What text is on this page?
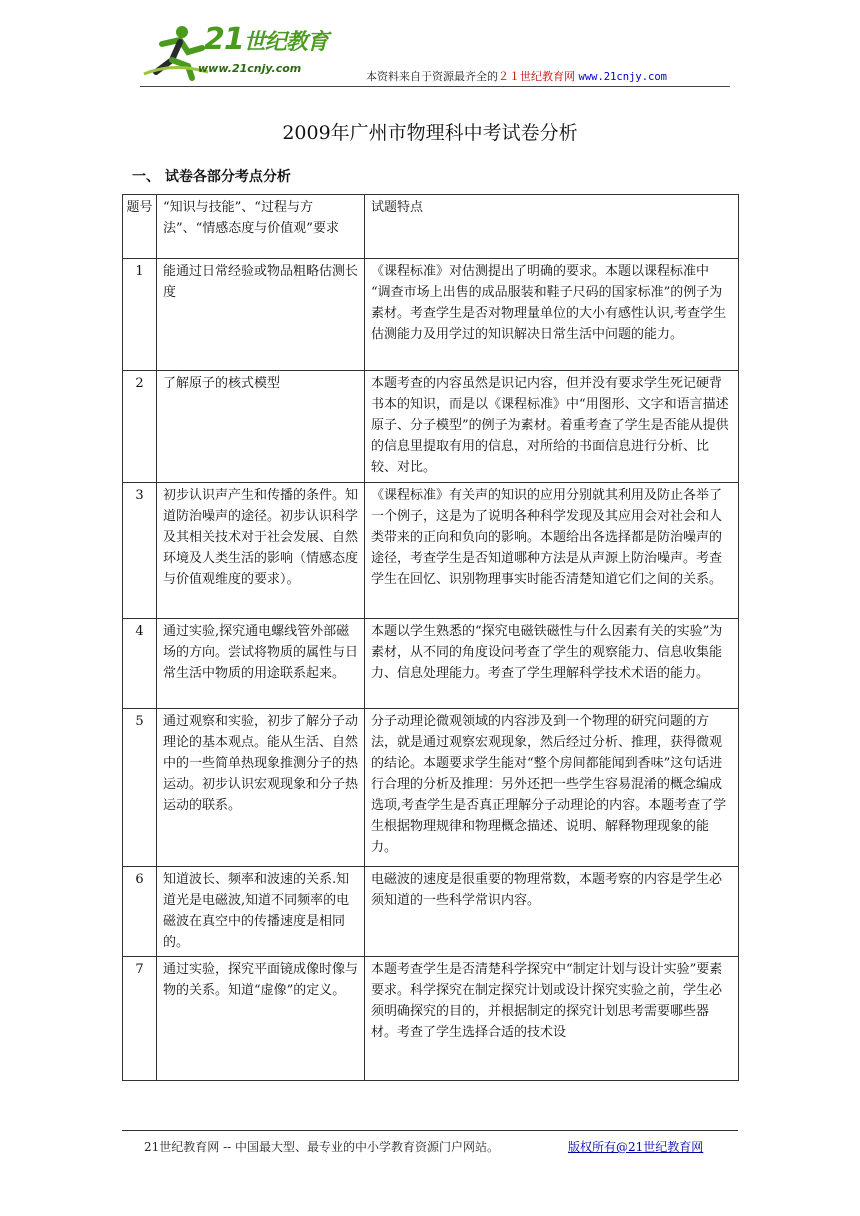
21世纪教育
www.21cnjy.com
本资料来自于资源最齐全的２１世纪教育网 www.21cnjy.com
2009年广州市物理科中考试卷分析
一、 试卷各部分考点分析
题号	“知识与技能”、“过程与方法”、“情感态度与价值观”要求	试题特点
1	能通过日常经验或物品粗略估测长度	《课程标准》对估测提出了明确的要求。本题以课程标准中 “调查市场上出售的成品服装和鞋子尺码的国家标准”的例子为素材。考查学生是否对物理量单位的大小有感性认识,考查学生估测能力及用学过的知识解决日常生活中问题的能力。
2	了解原子的核式模型	本题考查的内容虽然是识记内容，但并没有要求学生死记硬背书本的知识，而是以《课程标准》中“用图形、文字和语言描述原子、分子模型”的例子为素材。着重考查了学生是否能从提供的信息里提取有用的信息，对所给的书面信息进行分析、比较、对比。
3	初步认识声产生和传播的条件。知道防治噪声的途径。初步认识科学及其相关技术对于社会发展、自然环境及人类生活的影响（情感态度与价值观维度的要求）。	《课程标准》有关声的知识的应用分别就其利用及防止各举了一个例子，这是为了说明各种科学发现及其应用会对社会和人类带来的正向和负向的影响。本题给出各选择都是防治噪声的途径，考查学生是否知道哪种方法是从声源上防治噪声。考查学生在回忆、识别物理事实时能否清楚知道它们之间的关系。
4	通过实验,探究通电螺线管外部磁场的方向。尝试将物质的属性与日常生活中物质的用途联系起来。	本题以学生熟悉的“探究电磁铁磁性与什么因素有关的实验”为素材，从不同的角度设问考查了学生的观察能力、信息收集能力、信息处理能力。考查了学生理解科学技术术语的能力。
5	通过观察和实验，初步了解分子动理论的基本观点。能从生活、自然中的一些简单热现象推测分子的热运动。初步认识宏观现象和分子热运动的联系。	分子动理论微观领域的内容涉及到一个物理的研究问题的方法，就是通过观察宏观现象，然后经过分析、推理，获得微观的结论。本题要求学生能对“整个房间都能闻到香味”这句话进行合理的分析及推理：另外还把一些学生容易混淆的概念编成选项,考查学生是否真正理解分子动理论的内容。本题考查了学生根据物理规律和物理概念描述、说明、解释物理现象的能力。
6	知道波长、频率和波速的关系.知道光是电磁波,知道不同频率的电磁波在真空中的传播速度是相同的。	电磁波的速度是很重要的物理常数，本题考察的内容是学生必须知道的一些科学常识内容。
7	通过实验，探究平面镜成像时像与物的关系。知道“虚像”的定义。	本题考查学生是否清楚科学探究中“制定计划与设计实验”要素要求。科学探究在制定探究计划或设计探究实验之前，学生必须明确探究的目的，并根据制定的探究计划思考需要哪些器材。考查了学生选择合适的技术设
21世纪教育网 -- 中国最大型、最专业的中小学教育资源门户网站。	版权所有@21世纪教育网
